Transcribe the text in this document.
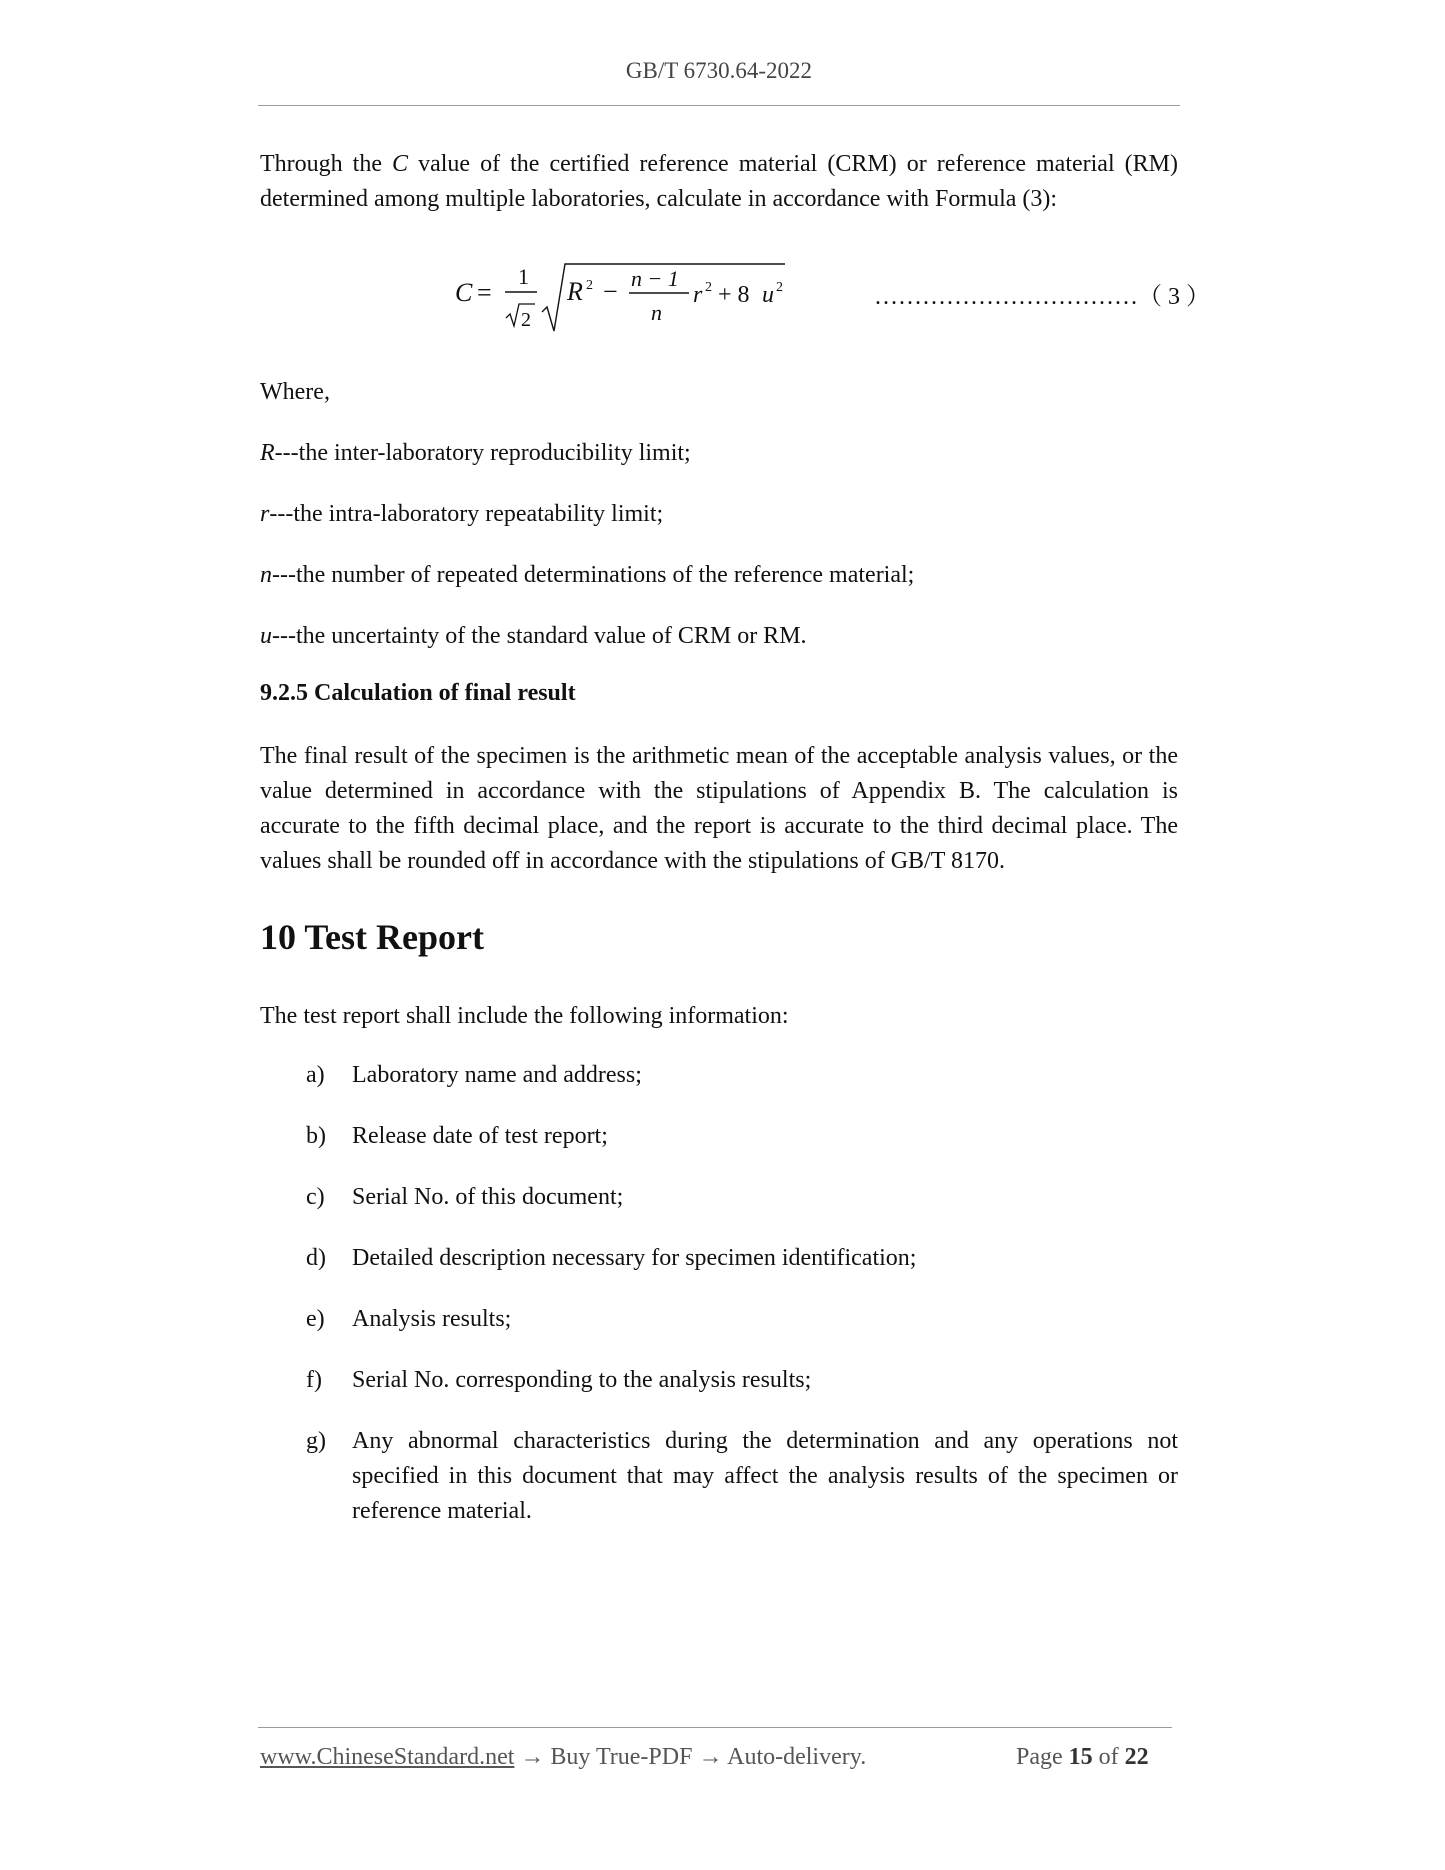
GB/T 6730.64-2022
Through the C value of the certified reference material (CRM) or reference material (RM) determined among multiple laboratories, calculate in accordance with Formula (3):
C =
1
2
R 2 − n − 1
n
r 2 + 8 u 2	……………………………（ 3 ）
Where,
R---the inter-laboratory reproducibility limit;
r---the intra-laboratory repeatability limit;
n---the number of repeated determinations of the reference material;
u---the uncertainty of the standard value of CRM or RM.
9.2.5 Calculation of final result
The final result of the specimen is the arithmetic mean of the acceptable analysis values, or the value determined in accordance with the stipulations of Appendix B. The calculation is accurate to the fifth decimal place, and the report is accurate to the third decimal place. The values shall be rounded off in accordance with the stipulations of GB/T 8170.
10 Test Report
The test report shall include the following information:
a)	Laboratory name and address;
b)	Release date of test report;
c)	Serial No. of this document;
d)	Detailed description necessary for specimen identification;
e)	Analysis results;
f)	Serial No. corresponding to the analysis results;
g)	Any abnormal characteristics during the determination and any operations not specified in this document that may affect the analysis results of the specimen or reference material.
www.ChineseStandard.net → Buy True-PDF → Auto-delivery.	Page 15 of 22
